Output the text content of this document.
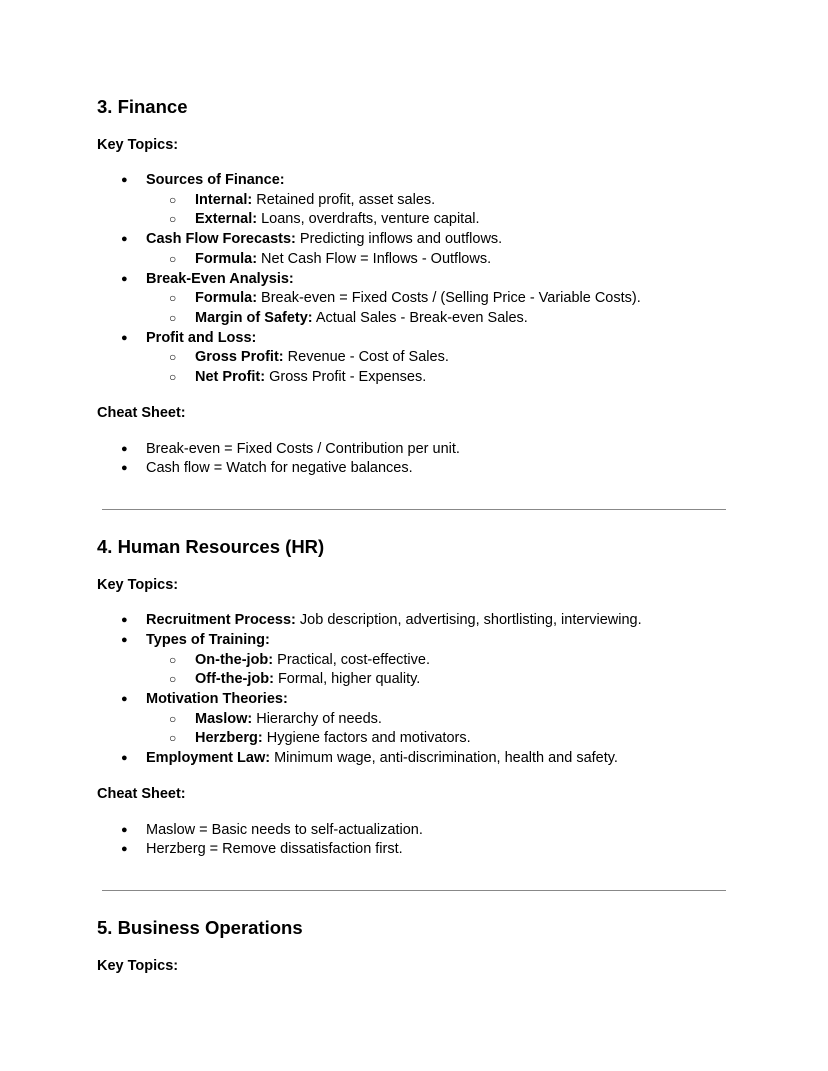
3. Finance
Key Topics:
● Sources of Finance:
○ Internal: Retained profit, asset sales.
○ External: Loans, overdrafts, venture capital.
● Cash Flow Forecasts: Predicting inflows and outflows.
○ Formula: Net Cash Flow = Inflows - Outflows.
● Break-Even Analysis:
○ Formula: Break-even = Fixed Costs / (Selling Price - Variable Costs).
○ Margin of Safety: Actual Sales - Break-even Sales.
● Profit and Loss:
○ Gross Profit: Revenue - Cost of Sales.
○ Net Profit: Gross Profit - Expenses.
Cheat Sheet:
● Break-even = Fixed Costs / Contribution per unit.
● Cash flow = Watch for negative balances.
4. Human Resources (HR)
Key Topics:
● Recruitment Process: Job description, advertising, shortlisting, interviewing.
● Types of Training:
○ On-the-job: Practical, cost-effective.
○ Off-the-job: Formal, higher quality.
● Motivation Theories:
○ Maslow: Hierarchy of needs.
○ Herzberg: Hygiene factors and motivators.
● Employment Law: Minimum wage, anti-discrimination, health and safety.
Cheat Sheet:
● Maslow = Basic needs to self-actualization.
● Herzberg = Remove dissatisfaction first.
5. Business Operations
Key Topics:
